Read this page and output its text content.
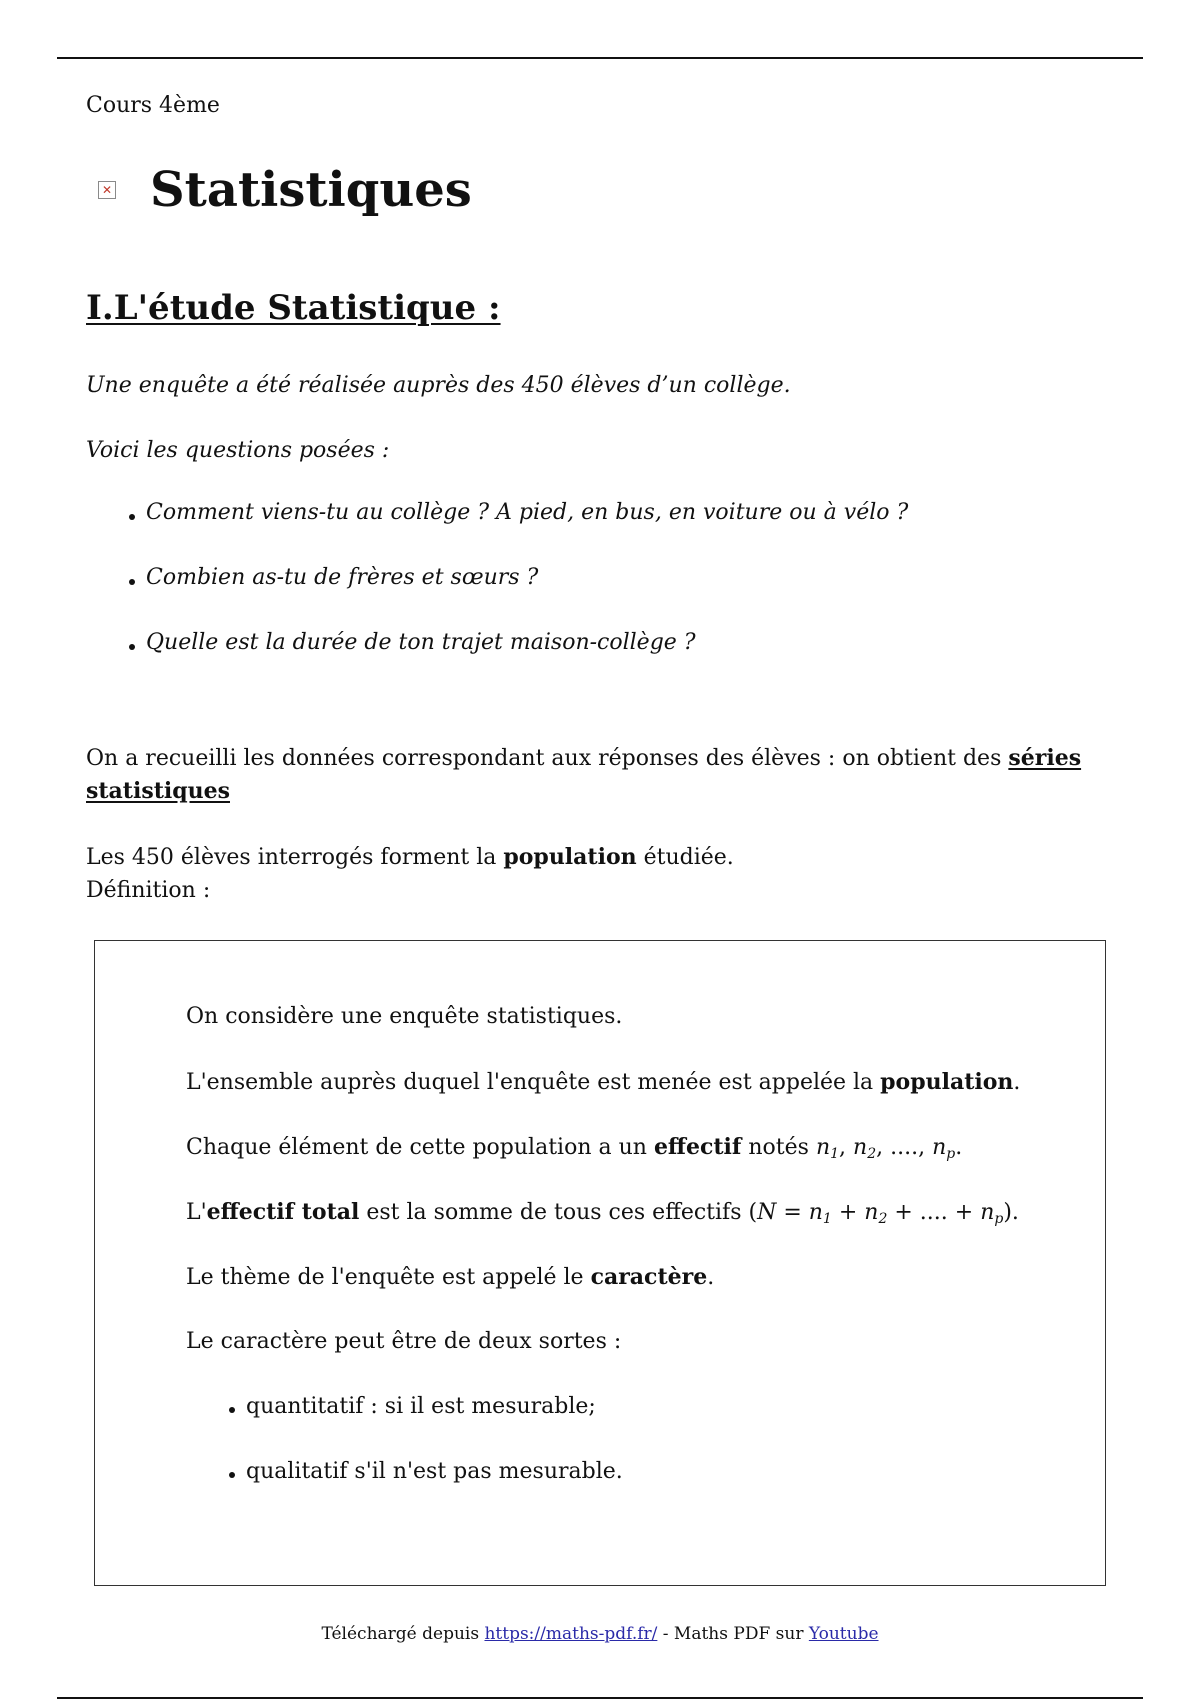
Cours 4ème

✕ Statistiques
I.L'étude Statistique :

Une enquête a été réalisée auprès des 450 élèves d’un collège.

Voici les questions posées :

Comment viens-tu au collège ? A pied, en bus, en voiture ou à vélo ?
Combien as-tu de frères et sœurs ?
Quelle est la durée de ton trajet maison-collège ?

On a recueilli les données correspondant aux réponses des élèves : on obtient des séries
statistiques

Les 450 élèves interrogés forment la population étudiée.
Définition :

On considère une enquête statistiques.

L'ensemble auprès duquel l'enquête est menée est appelée la population.

Chaque élément de cette population a un effectif notés $n_1$, $n_2$, ...., $n_p$.

L'effectif total est la somme de tous ces effectifs ($N = n_1 + n_2$ + .... + $n_p$).

Le thème de l'enquête est appelé le caractère.

Le caractère peut être de deux sortes :

quantitatif : si il est mesurable;

qualitatif s'il n'est pas mesurable.

Téléchargé depuis https://maths-pdf.fr/ - Maths PDF sur Youtube
